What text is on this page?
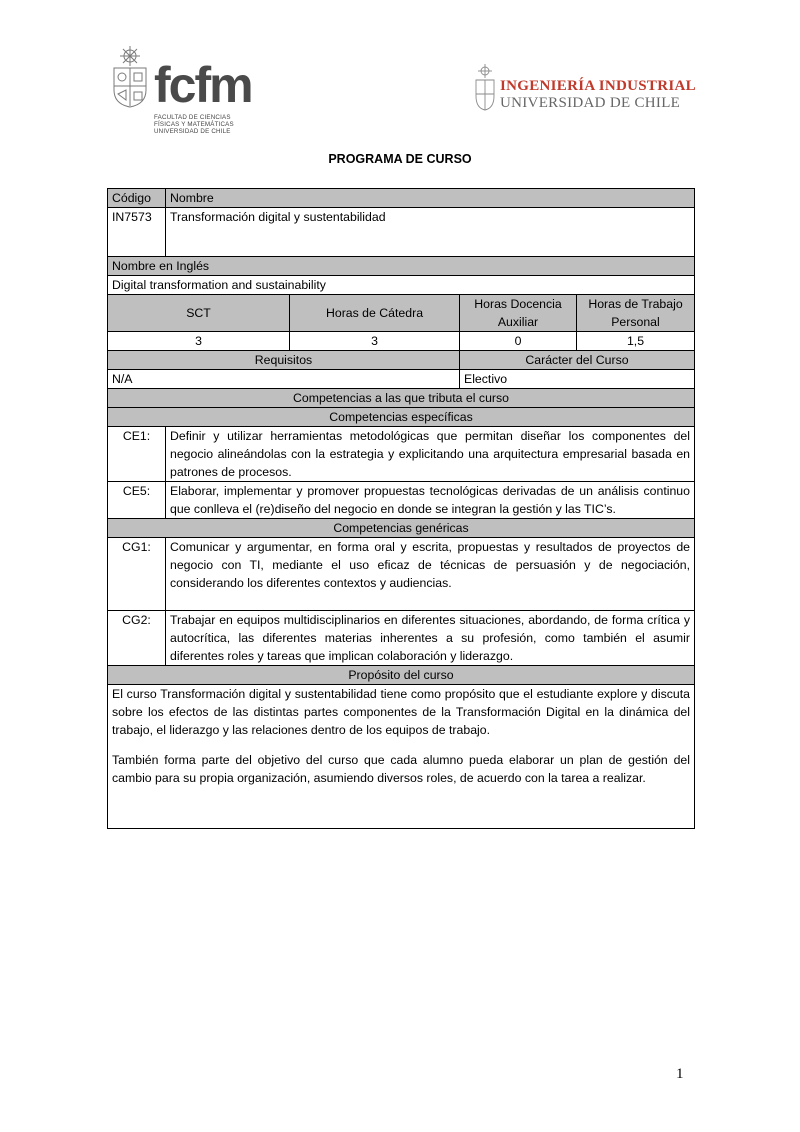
fcfm
FACULTAD DE CIENCIAS
FÍSICAS Y MATEMÁTICAS
UNIVERSIDAD DE CHILE
INGENIERÍA INDUSTRIAL
UNIVERSIDAD DE CHILE
PROGRAMA DE CURSO
Código	Nombre			
IN7573	Transformación digital y sustentabilidad			
Nombre en Inglés				
Digital transformation and sustainability				
SCT		Horas de Cátedra	Horas Docencia Auxiliar	Horas de Trabajo Personal
3		3	0	1,5
Requisitos			Carácter del Curso	
N/A			Electivo	
Competencias a las que tributa el curso				
Competencias específicas				
CE1:	Definir y utilizar herramientas metodológicas que permitan diseñar los componentes del negocio alineándolas con la estrategia y explicitando una arquitectura empresarial basada en patrones de procesos.			
CE5:	Elaborar, implementar y promover propuestas tecnológicas derivadas de un análisis continuo que conlleva el (re)diseño del negocio en donde se integran la gestión y las TIC’s.			
Competencias genéricas				
CG1:	Comunicar y argumentar, en forma oral y escrita, propuestas y resultados de proyectos de negocio con TI, mediante el uso eficaz de técnicas de persuasión y de negociación, considerando los diferentes contextos y audiencias.			
CG2:	Trabajar en equipos multidisciplinarios en diferentes situaciones, abordando, de forma crítica y autocrítica, las diferentes materias inherentes a su profesión, como también el asumir diferentes roles y tareas que implican colaboración y liderazgo.			
Propósito del curso				

El curso Transformación digital y sustentabilidad tiene como propósito que el estudiante explore y discuta sobre los efectos de las distintas partes componentes de la Transformación Digital en la dinámica del trabajo, el liderazgo y las relaciones dentro de los equipos de trabajo.
También forma parte del objetivo del curso que cada alumno pueda elaborar un plan de gestión del cambio para su propia organización, asumiendo diversos roles, de acuerdo con la tarea a realizar.				
1
